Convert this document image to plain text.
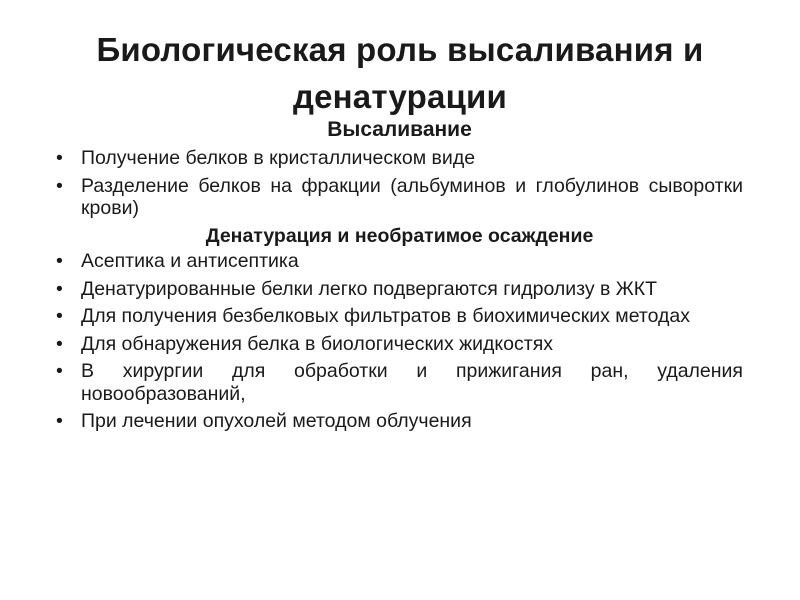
Биологическая роль высаливания и денатурации
Высаливание
• Получение белков в кристаллическом виде
• Разделение белков на фракции (альбуминов и глобулинов сыворотки крови)
Денатурация и необратимое осаждение
• Асептика и антисептика
• Денатурированные белки легко подвергаются гидролизу в ЖКТ
• Для получения безбелковых фильтратов в биохимических методах
• Для обнаружения белка в биологических жидкостях
• В хирургии для обработки и прижигания ран, удаления новообразований,
• При лечении опухолей методом облучения
